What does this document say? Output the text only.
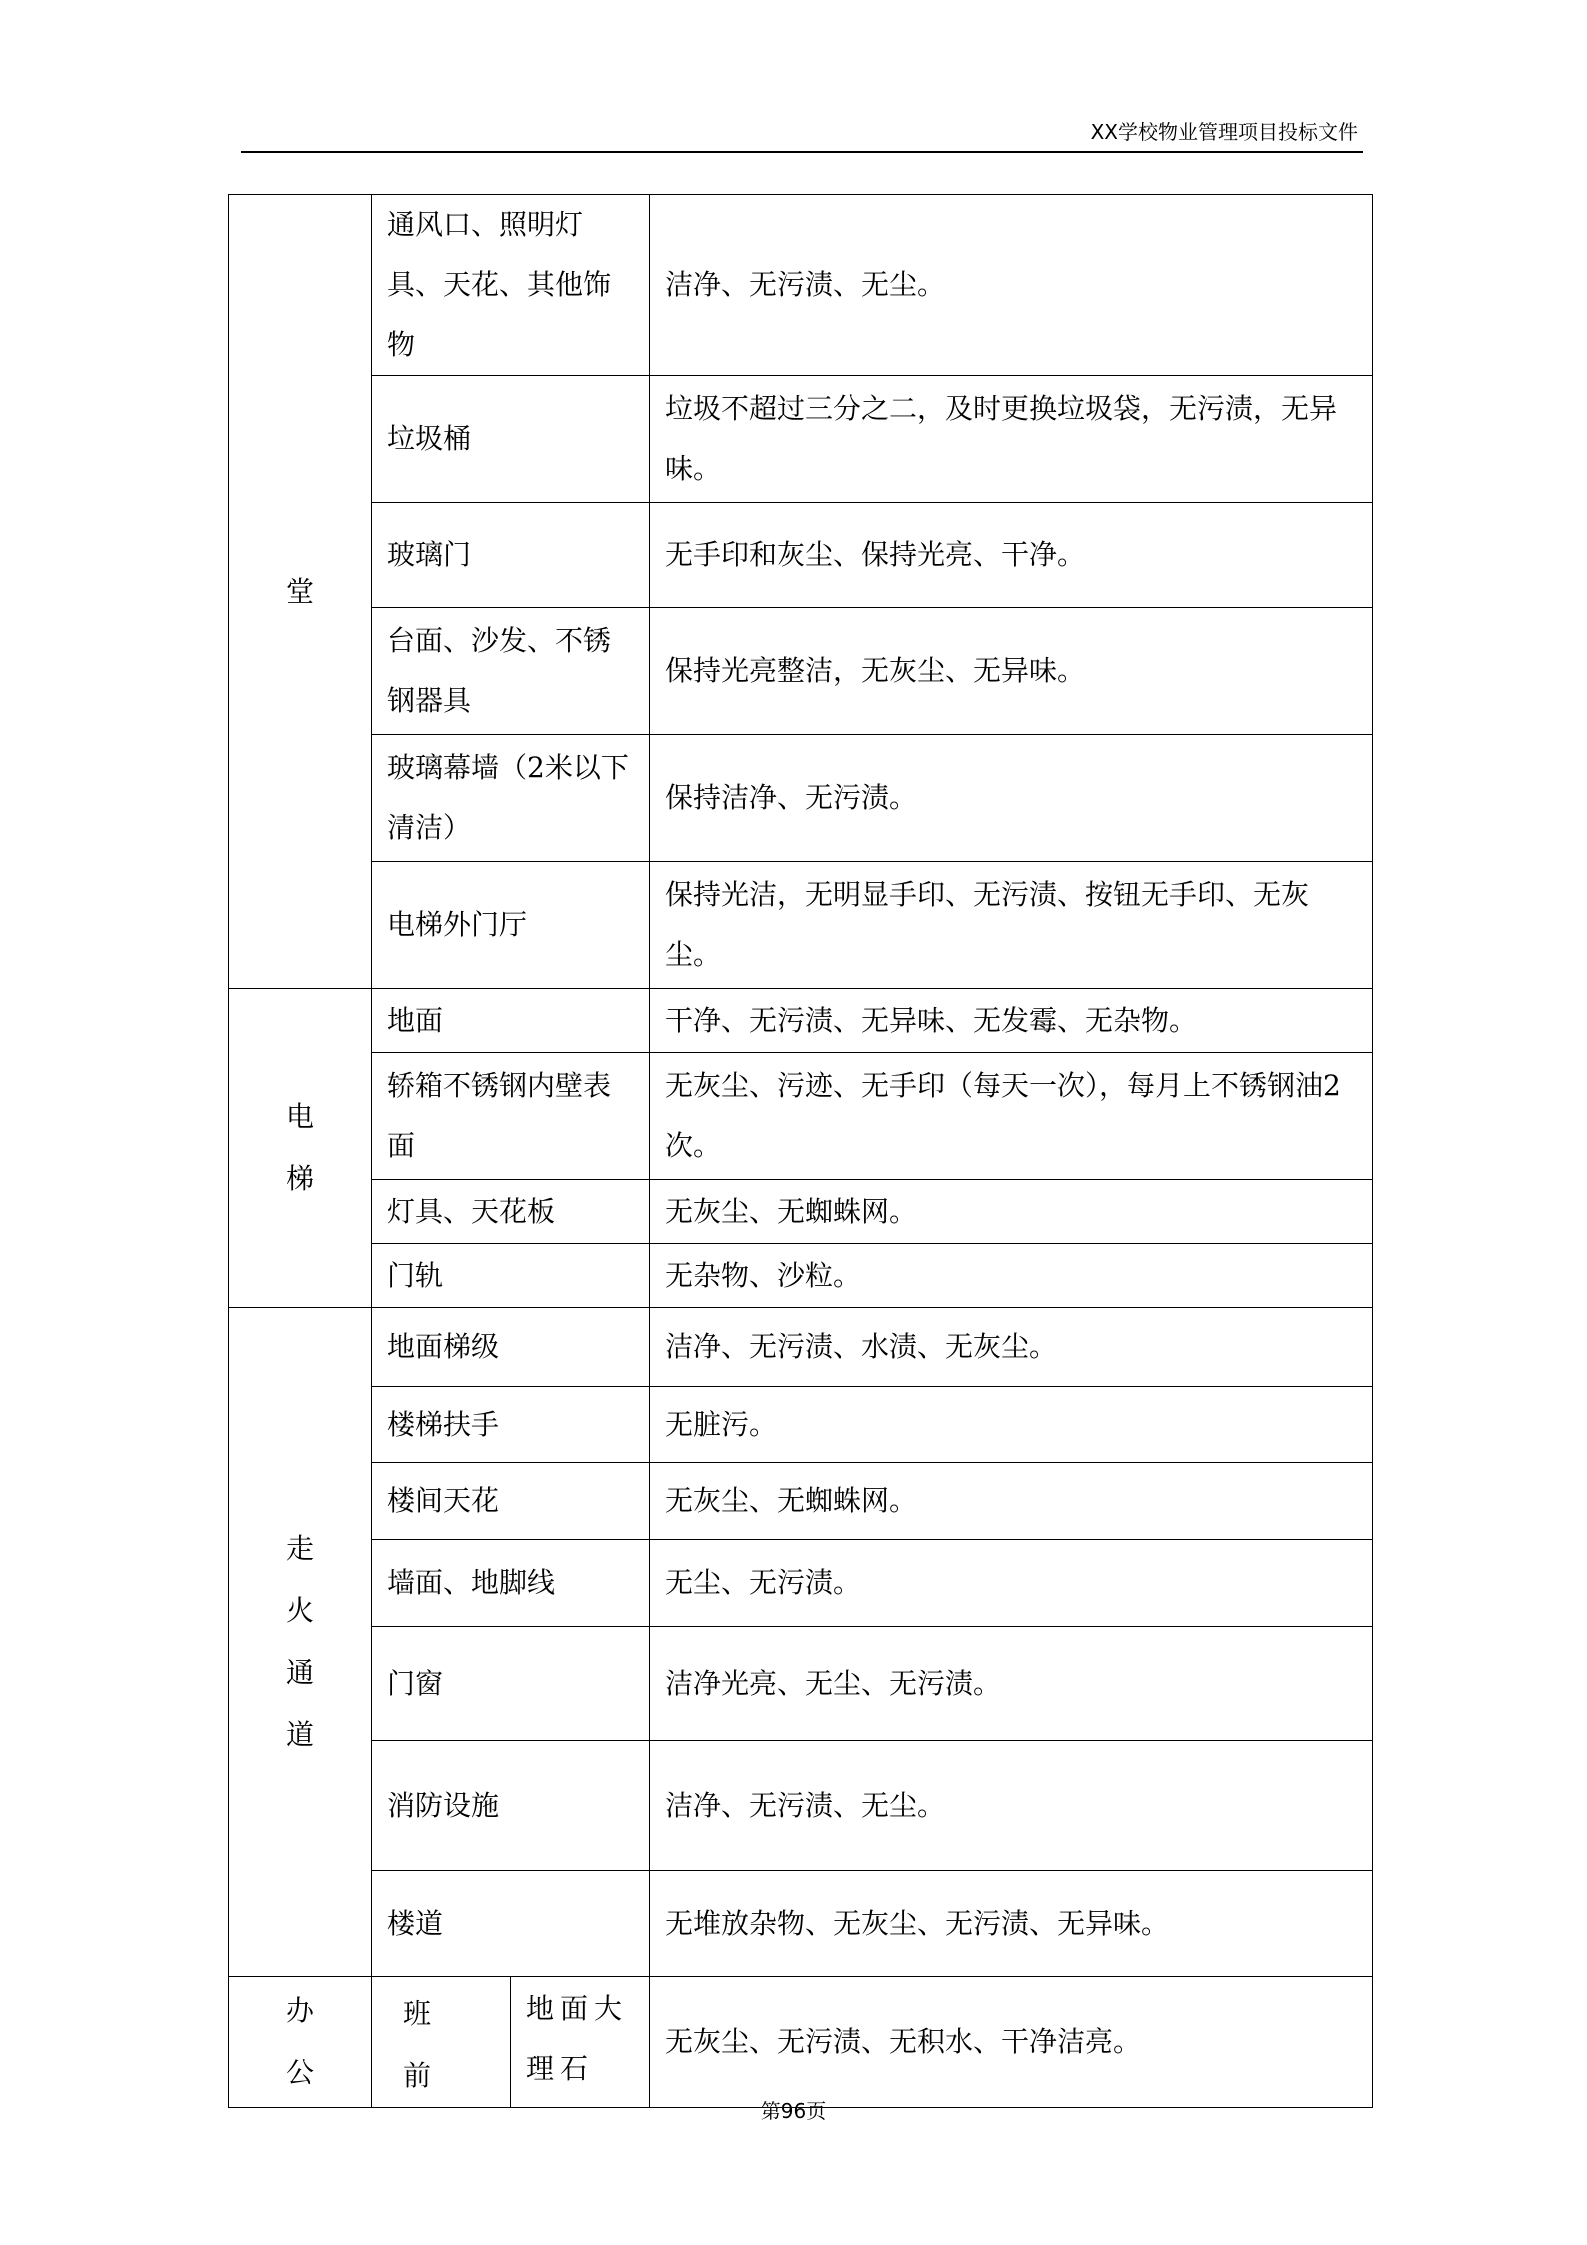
XX学校物业管理项目投标文件
堂	通风口、照明灯具、天花、其他饰物		洁净、无污渍、无尘。
	垃圾桶		垃圾不超过三分之二，及时更换垃圾袋，无污渍，无异味。
	玻璃门		无手印和灰尘、保持光亮、干净。
	台面、沙发、不锈钢器具		保持光亮整洁，无灰尘、无异味。
	玻璃幕墙（2米以下清洁）		保持洁净、无污渍。
	电梯外门厅		保持光洁，无明显手印、无污渍、按钮无手印、无灰尘。

电梯	地面		干净、无污渍、无异味、无发霉、无杂物。
	轿箱不锈钢内壁表面		无灰尘、污迹、无手印（每天一次），每月上不锈钢油2次。
	灯具、天花板		无灰尘、无蜘蛛网。
	门轨		无杂物、沙粒。

走火通道	地面梯级		洁净、无污渍、水渍、无灰尘。
	楼梯扶手		无脏污。
	楼间天花		无灰尘、无蜘蛛网。
	墙面、地脚线		无尘、无污渍。
	门窗		洁净光亮、无尘、无污渍。
	消防设施		洁净、无污渍、无尘。
	楼道		无堆放杂物、无灰尘、无污渍、无异味。

办公	班前	地面大理石	无灰尘、无污渍、无积水、干净洁亮。
第96页
